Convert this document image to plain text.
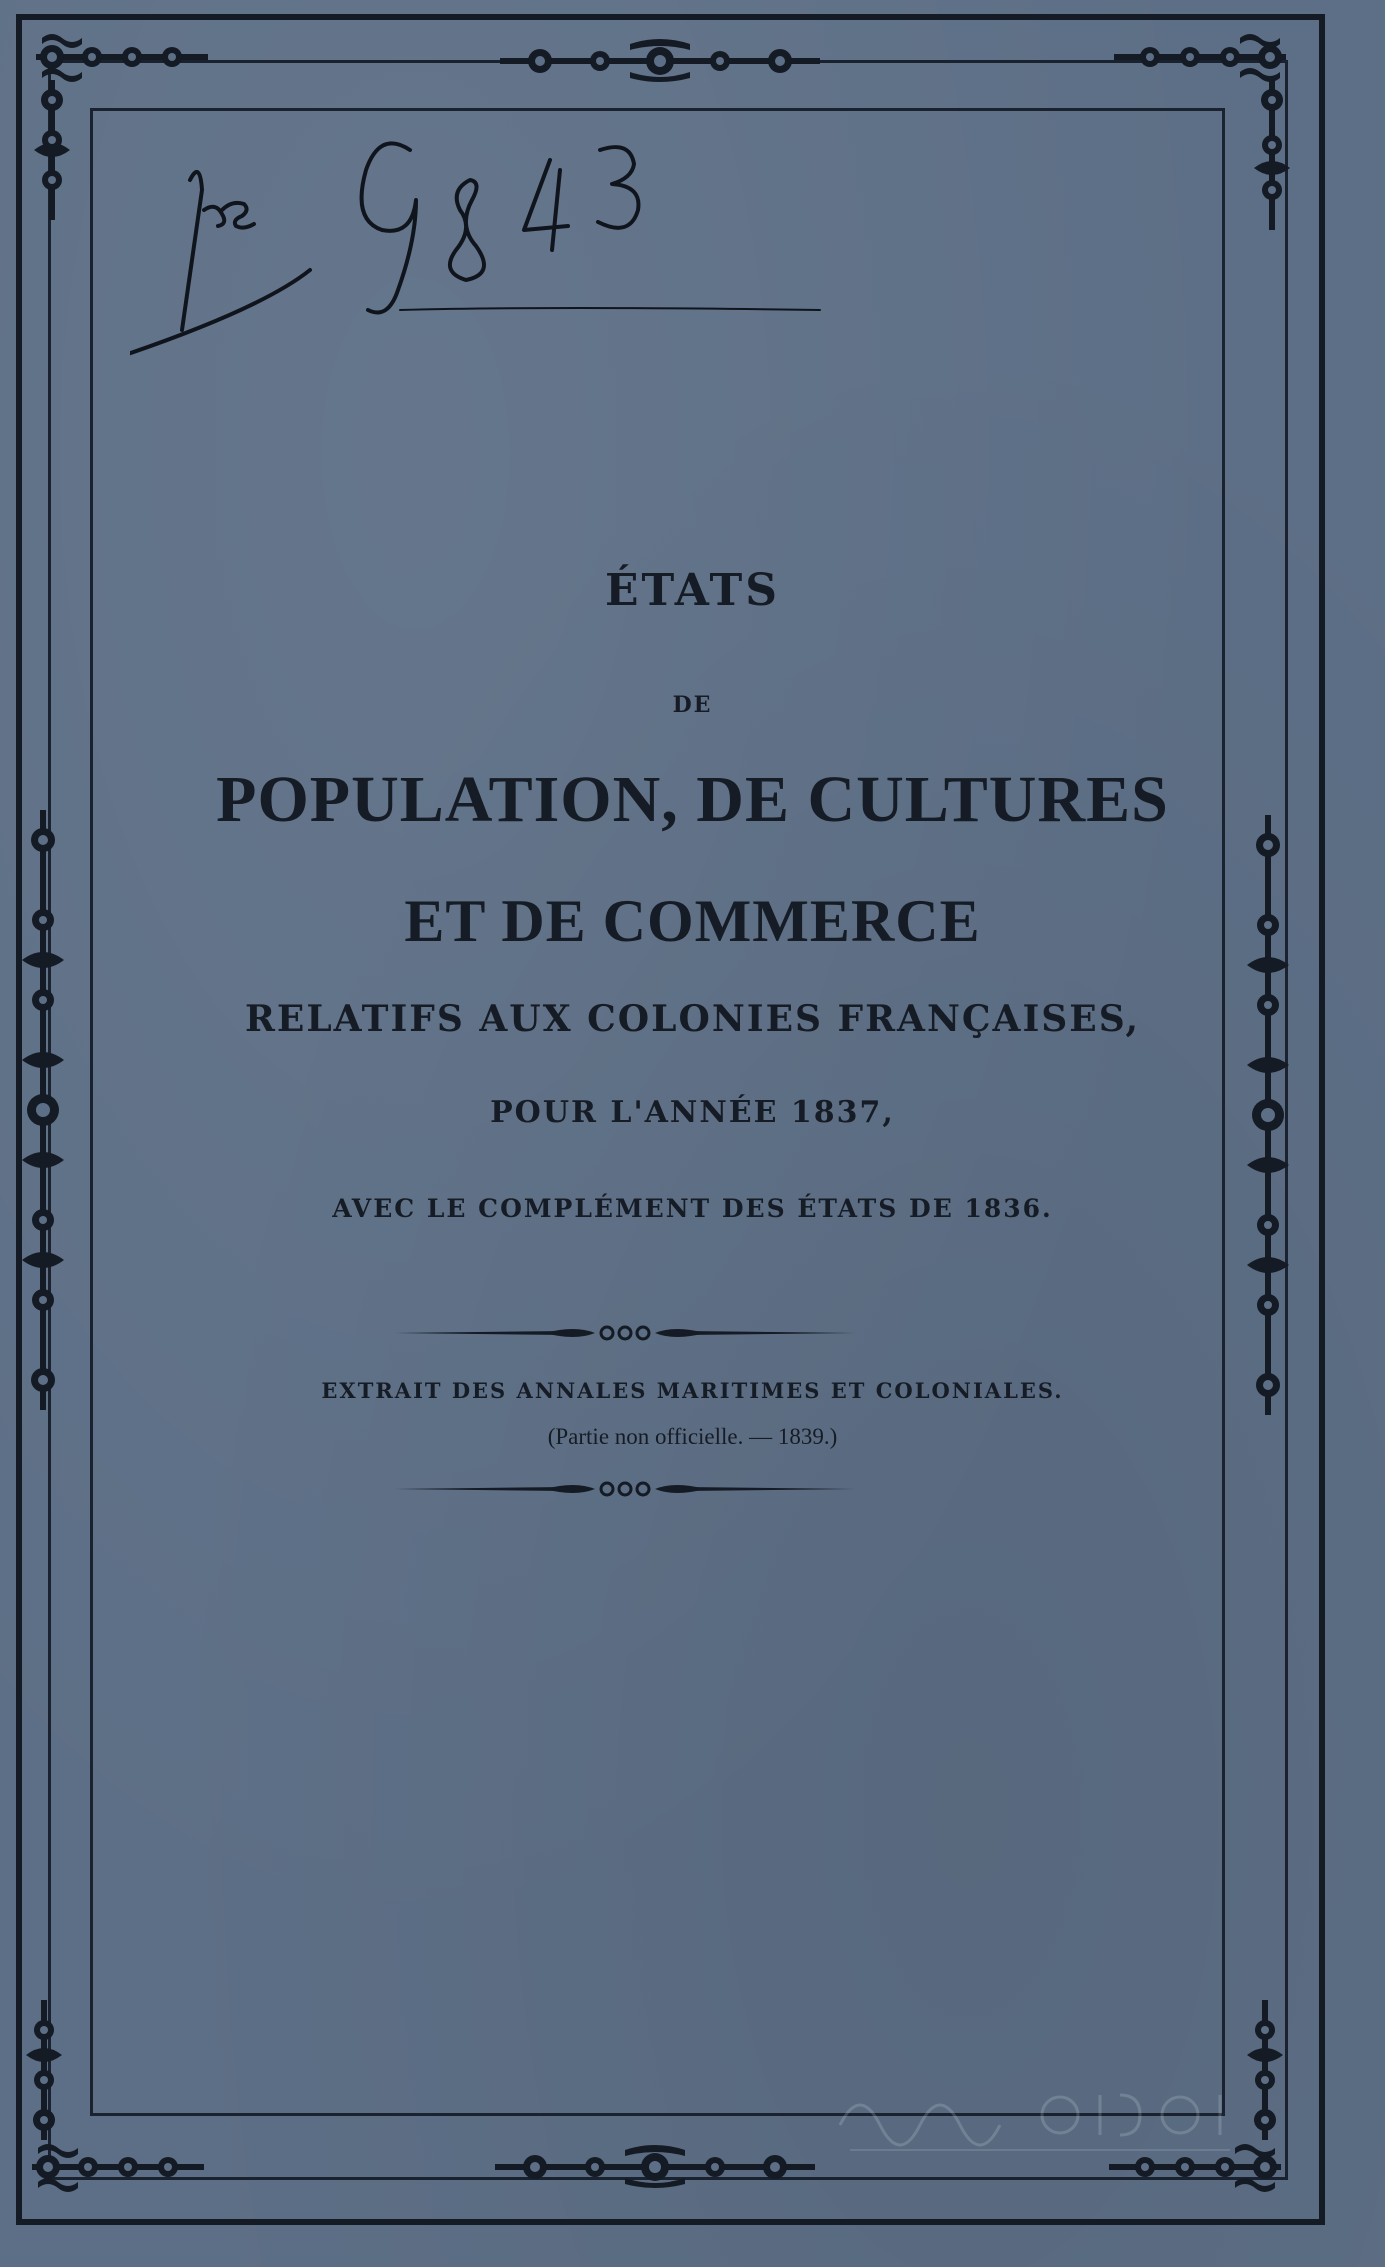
ÉTATS
DE
POPULATION, DE CULTURES
ET DE COMMERCE
RELATIFS AUX COLONIES FRANÇAISES,
POUR L'ANNÉE 1837,
AVEC LE COMPLÉMENT DES ÉTATS DE 1836.
EXTRAIT DES ANNALES MARITIMES ET COLONIALES.
(Partie non officielle. — 1839.)
